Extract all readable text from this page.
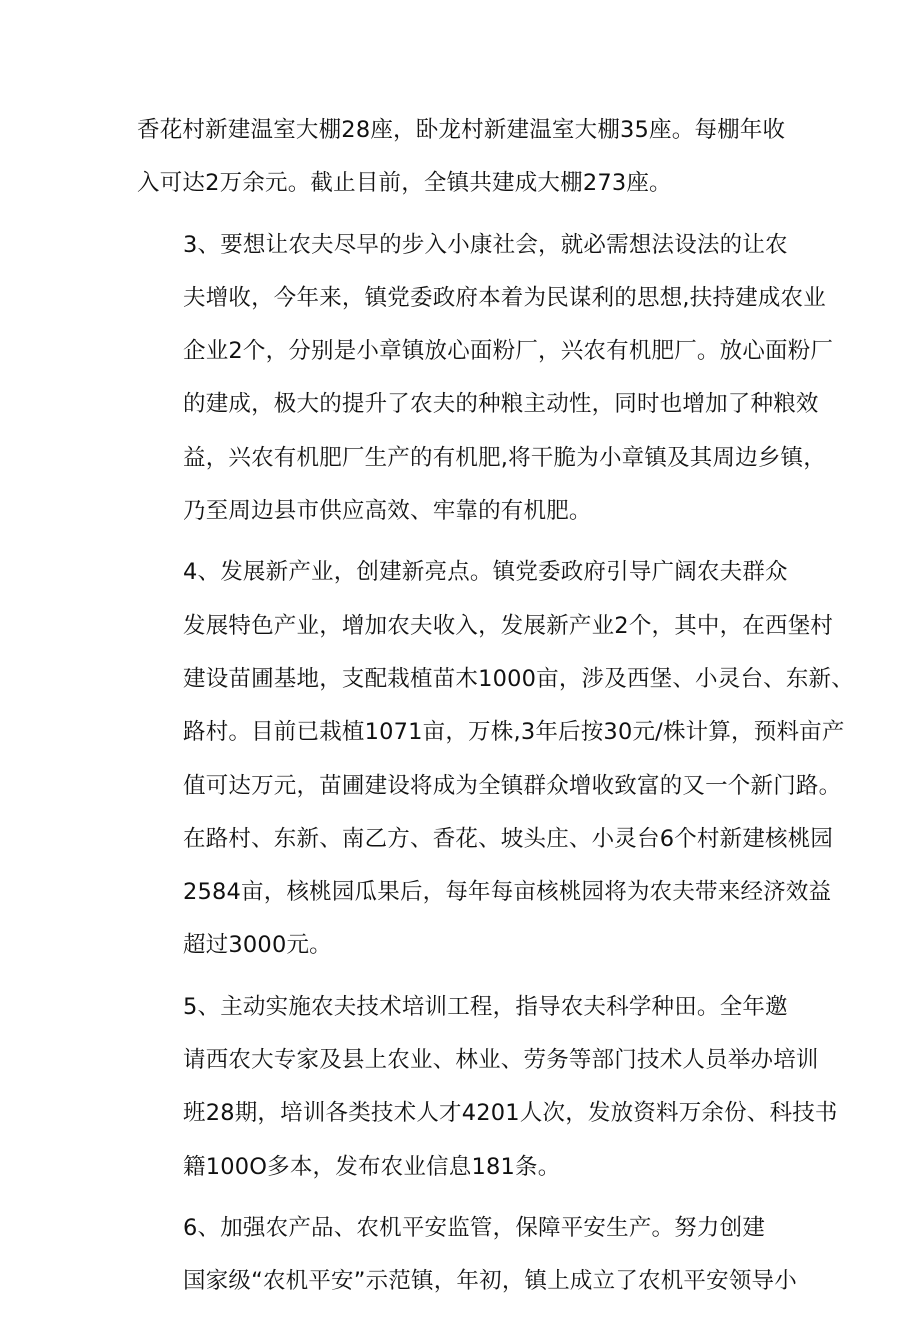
香花村新建温室大棚28座，卧龙村新建温室大棚35座。每棚年收
入可达2万余元。截止目前，全镇共建成大棚273座。

3、要想让农夫尽早的步入小康社会，就必需想法设法的让农
夫增收，今年来，镇党委政府本着为民谋利的思想,扶持建成农业
企业2个，分别是小章镇放心面粉厂，兴农有机肥厂。放心面粉厂
的建成，极大的提升了农夫的种粮主动性，同时也增加了种粮效
益，兴农有机肥厂生产的有机肥,将干脆为小章镇及其周边乡镇，
乃至周边县市供应高效、牢靠的有机肥。

4、发展新产业，创建新亮点。镇党委政府引导广阔农夫群众
发展特色产业，增加农夫收入，发展新产业2个，其中，在西堡村
建设苗圃基地，支配栽植苗木1000亩，涉及西堡、小灵台、东新、
路村。目前已栽植1071亩，万株,3年后按30元/株计算，预料亩产
值可达万元，苗圃建设将成为全镇群众增收致富的又一个新门路。
在路村、东新、南乙方、香花、坡头庄、小灵台6个村新建核桃园
2584亩，核桃园瓜果后，每年每亩核桃园将为农夫带来经济效益
超过3000元。

5、主动实施农夫技术培训工程，指导农夫科学种田。全年邀
请西农大专家及县上农业、林业、劳务等部门技术人员举办培训
班28期，培训各类技术人才4201人次，发放资料万余份、科技书
籍100O多本，发布农业信息181条。

6、加强农产品、农机平安监管，保障平安生产。努力创建
国家级“农机平安”示范镇，年初，镇上成立了农机平安领导小
